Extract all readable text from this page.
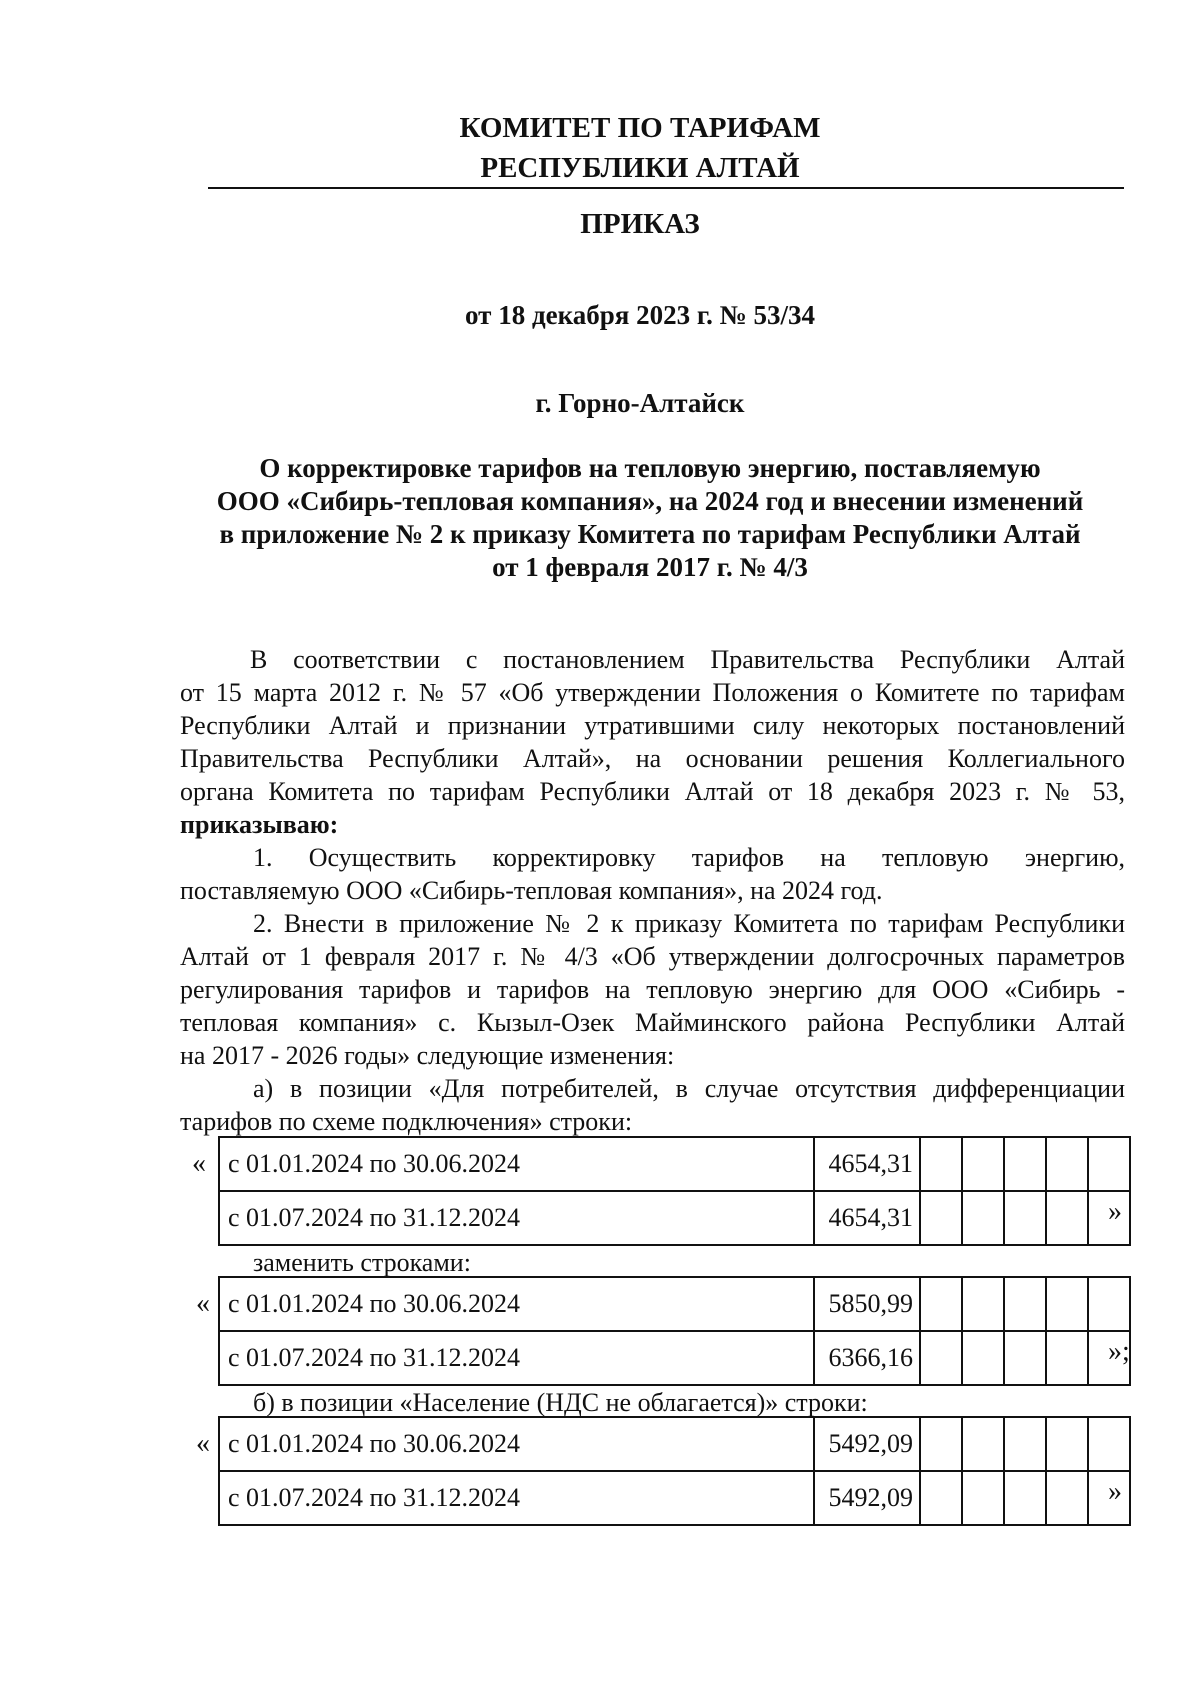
КОМИТЕТ ПО ТАРИФАМ
РЕСПУБЛИКИ АЛТАЙ
ПРИКАЗ
от 18 декабря 2023 г. № 53/34
г. Горно-Алтайск
О корректировке тарифов на тепловую энергию, поставляемую
ООО «Сибирь-тепловая компания», на 2024 год и внесении изменений
в приложение № 2 к приказу Комитета по тарифам Республики Алтай
от 1 февраля 2017 г. № 4/3
В соответствии с постановлением Правительства Республики Алтай
от 15 марта 2012 г. № 57 «Об утверждении Положения о Комитете по тарифам
Республики Алтай и признании утратившими силу некоторых постановлений
Правительства Республики Алтай», на основании решения Коллегиального
органа Комитета по тарифам Республики Алтай от 18 декабря 2023 г. № 53,
приказываю:
1. Осуществить корректировку тарифов на тепловую энергию,
поставляемую ООО «Сибирь-тепловая компания», на 2024 год.
2. Внести в приложение № 2 к приказу Комитета по тарифам Республики
Алтай от 1 февраля 2017 г. № 4/3 «Об утверждении долгосрочных параметров
регулирования тарифов и тарифов на тепловую энергию для ООО «Сибирь -
тепловая компания» с. Кызыл-Озек Майминского района Республики Алтай
на 2017 - 2026 годы» следующие изменения:
а) в позиции «Для потребителей, в случае отсутствия дифференциации
тарифов по схеме подключения» строки:
« с 01.01.2024 по 30.06.2024	4654,31					
с 01.07.2024 по 31.12.2024	4654,31						»
заменить строками:
« с 01.01.2024 по 30.06.2024	5850,99					
с 01.07.2024 по 31.12.2024	6366,16						»;
б) в позиции «Население (НДС не облагается)» строки:
« с 01.01.2024 по 30.06.2024	5492,09					
с 01.07.2024 по 31.12.2024	5492,09						»
